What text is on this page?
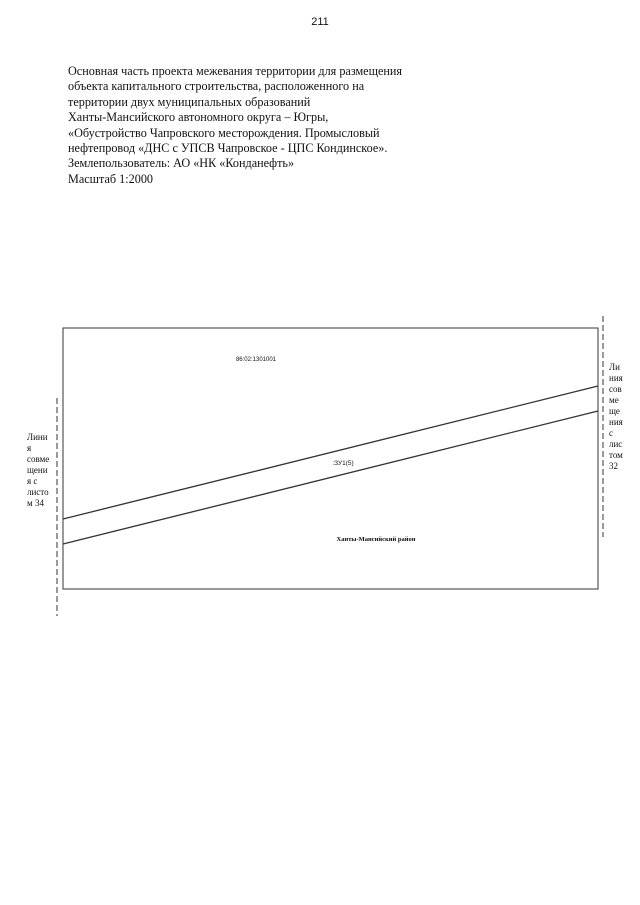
211
Основная часть проекта межевания территории для размещения
объекта капитального строительства, расположенного на
территории двух муниципальных образований
Ханты-Мансийского автономного округа – Югры,
«Обустройство Чапровского месторождения. Промысловый
нефтепровод «ДНС с УПСВ Чапровское - ЦПС Кондинское».
Землепользователь: АО «НК «Конданефть»
Масштаб 1:2000
86:02:1301001
:ЗУ1(5)
Ханты-Мансийский район
Лини
я
совме
щени
я с
листо
м 34
Ли
ния
сов
ме
ще
ния
с
лис
том
32
